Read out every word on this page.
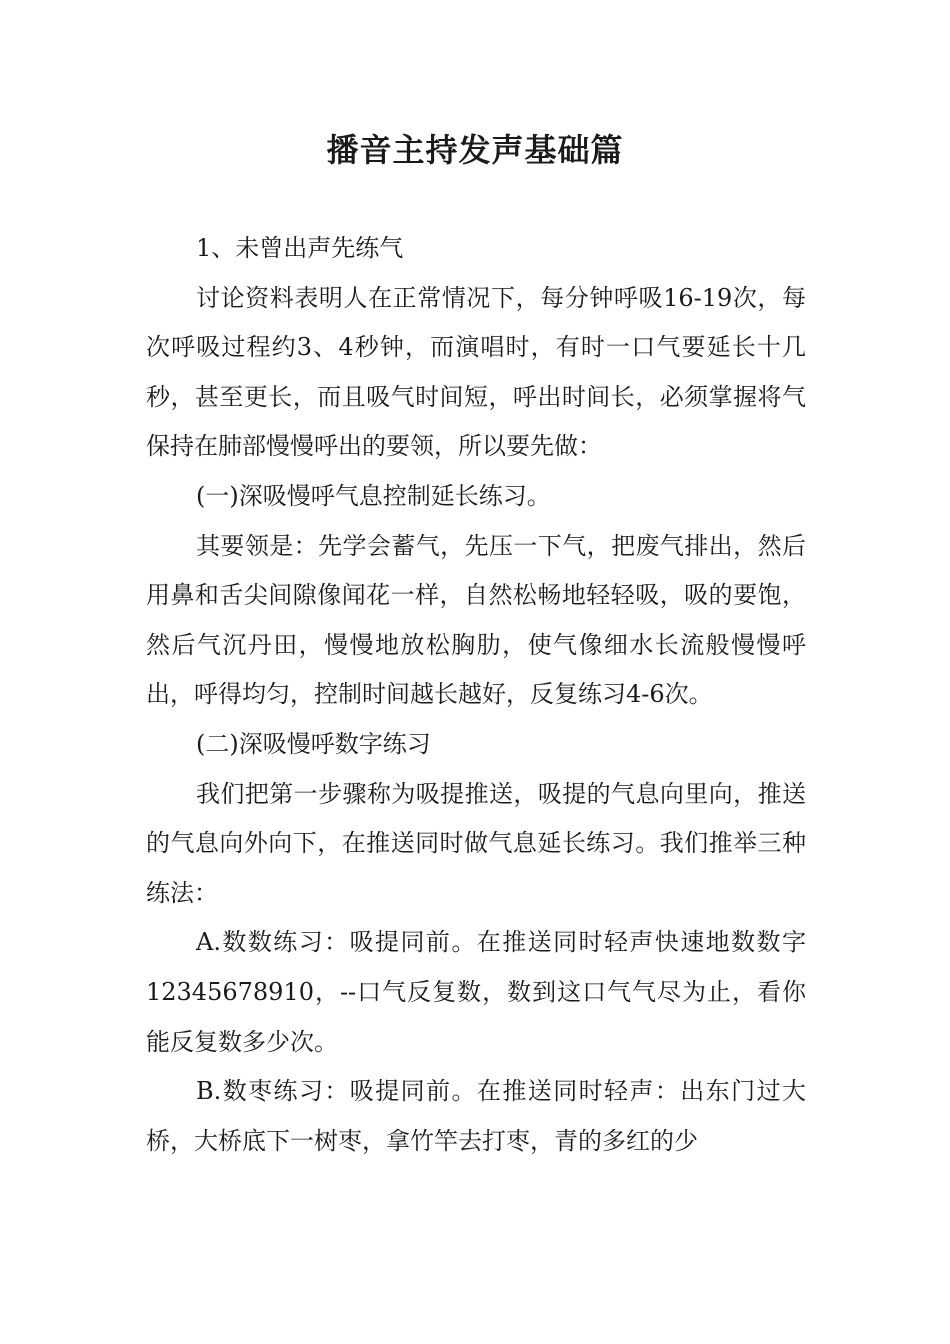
播音主持发声基础篇

1、未曾出声先练气

讨论资料表明人在正常情况下，每分钟呼吸16-19次，每次呼吸过程约3、4秒钟，而演唱时，有时一口气要延长十几秒，甚至更长，而且吸气时间短，呼出时间长，必须掌握将气保持在肺部慢慢呼出的要领，所以要先做：

(一)深吸慢呼气息控制延长练习。

其要领是：先学会蓄气，先压一下气，把废气排出，然后用鼻和舌尖间隙像闻花一样，自然松畅地轻轻吸，吸的要饱，然后气沉丹田，慢慢地放松胸肋，使气像细水长流般慢慢呼出，呼得均匀，控制时间越长越好，反复练习4-6次。

(二)深吸慢呼数字练习

我们把第一步骤称为吸提推送，吸提的气息向里向，推送的气息向外向下，在推送同时做气息延长练习。我们推举三种练法：

A.数数练习：吸提同前。在推送同时轻声快速地数数字12345678910，--口气反复数，数到这口气气尽为止，看你能反复数多少次。

B.数枣练习：吸提同前。在推送同时轻声：出东门过大桥，大桥底下一树枣，拿竹竿去打枣，青的多红的少
